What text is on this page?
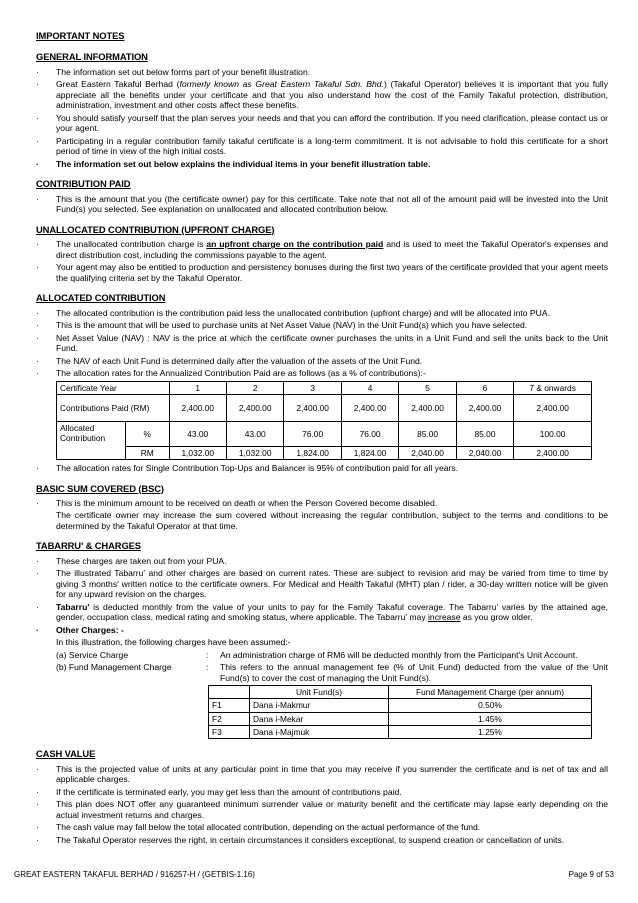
IMPORTANT NOTES
GENERAL INFORMATION
· The information set out below forms part of your benefit illustration.
· Great Eastern Takaful Berhad (formerly known as Great Eastern Takaful Sdn. Bhd.) (Takaful Operator) believes it is important that you fully appreciate all the benefits under your certificate and that you also understand how the cost of the Family Takaful protection, distribution, administration, investment and other costs affect these benefits.
· You should satisfy yourself that the plan serves your needs and that you can afford the contribution. If you need clarification, please contact us or your agent.
· Participating in a regular contribution family takaful certificate is a long-term commitment. It is not advisable to hold this certificate for a short period of time in view of the high initial costs.
· The information set out below explains the individual items in your benefit illustration table.
CONTRIBUTION PAID
· This is the amount that you (the certificate owner) pay for this certificate. Take note that not all of the amount paid will be invested into the Unit Fund(s) you selected. See explanation on unallocated and allocated contribution below.
UNALLOCATED CONTRIBUTION (UPFRONT CHARGE)
· The unallocated contribution charge is an upfront charge on the contribution paid and is used to meet the Takaful Operator's expenses and direct distribution cost, including the commissions payable to the agent.
· Your agent may also be entitled to production and persistency bonuses during the first two years of the certificate provided that your agent meets the qualifying criteria set by the Takaful Operator.
ALLOCATED CONTRIBUTION
· The allocated contribution is the contribution paid less the unallocated contribution (upfront charge) and will be allocated into PUA.
· This is the amount that will be used to purchase units at Net Asset Value (NAV) in the Unit Fund(s) which you have selected.
· Net Asset Value (NAV) : NAV is the price at which the certificate owner purchases the units in a Unit Fund and sell the units back to the Unit Fund.
· The NAV of each Unit Fund is determined daily after the valuation of the assets of the Unit Fund.
· The allocation rates for the Annualized Contribution Paid are as follows (as a % of contributions):-
Certificate Year		1	2	3	4	5	6	7 & onwards
Contributions Paid (RM)		2,400.00	2,400.00	2,400.00	2,400.00	2,400.00	2,400.00	2,400.00
Allocated Contribution	%	43.00	43.00	76.00	76.00	85.00	85.00	100.00
	RM	1,032.00	1,032.00	1,824.00	1,824.00	2,040.00	2,040.00	2,400.00
· The allocation rates for Single Contribution Top-Ups and Balancer is 95% of contribution paid for all years.
BASIC SUM COVERED (BSC)
· This is the minimum amount to be received on death or when the Person Covered become disabled.
The certificate owner may increase the sum covered without increasing the regular contribution, subject to the terms and conditions to be determined by the Takaful Operator at that time.
TABARRU' & CHARGES
· These charges are taken out from your PUA.
· The illustrated Tabarru' and other charges are based on current rates. These are subject to revision and may be varied from time to time by giving 3 months' written notice to the certificate owners. For Medical and Health Takaful (MHT) plan / rider, a 30-day written notice will be given for any upward revision on the charges.
· Tabarru' is deducted monthly from the value of your units to pay for the Family Takaful coverage. The Tabarru' varies by the attained age, gender, occupation class, medical rating and smoking status, where applicable. The Tabarru' may increase as you grow older.
· Other Charges: -
In this illustration, the following charges have been assumed:-
(a) Service Charge	:	An administration charge of RM6 will be deducted monthly from the Participant's Unit Account.
(b) Fund Management Charge	:	This refers to the annual management fee (% of Unit Fund) deducted from the value of the Unit Fund(s) to cover the cost of managing the Unit Fund(s).
	Unit Fund(s)	Fund Management Charge (per annum)
F1	Dana i-Makmur	0.50%
F2	Dana i-Mekar	1.45%
F3	Dana i-Majmuk	1.25%
CASH VALUE
· This is the projected value of units at any particular point in time that you may receive if you surrender the certificate and is net of tax and all applicable charges.
· If the certificate is terminated early, you may get less than the amount of contributions paid.
· This plan does NOT offer any guaranteed minimum surrender value or maturity benefit and the certificate may lapse early depending on the actual investment returns and charges.
· The cash value may fall below the total allocated contribution, depending on the actual performance of the fund.
· The Takaful Operator reserves the right, in certain circumstances it considers exceptional, to suspend creation or cancellation of units.
GREAT EASTERN TAKAFUL BERHAD / 916257-H / (GETBIS-1.16)	Page 9 of 53
